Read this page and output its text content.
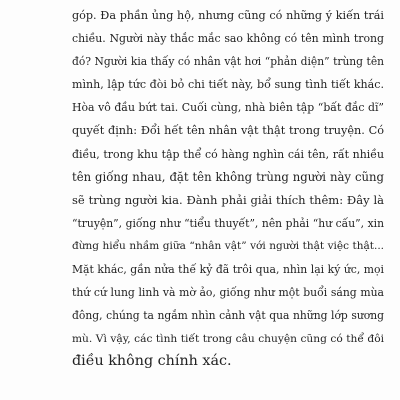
góp. Đa phần ủng hộ, nhưng cũng có những ý kiến trái
chiều. Người này thắc mắc sao không có tên mình trong
đó? Người kia thấy có nhân vật hơi “phản diện” trùng tên
mình, lập tức đòi bỏ chi tiết này, bổ sung tình tiết khác.
Hòa vô đầu bứt tai. Cuối cùng, nhà biên tập “bất đắc dĩ”
quyết định: Đổi hết tên nhân vật thật trong truyện. Có
điều, trong khu tập thể có hàng nghìn cái tên, rất nhiều
tên giống nhau, đặt tên không trùng người này cũng
sẽ trùng người kia. Đành phải giải thích thêm: Đây là
“truyện”, giống như “tiểu thuyết”, nên phải “hư cấu”, xin
đừng hiểu nhầm giữa “nhân vật” với người thật việc thật...
Mặt khác, gần nửa thế kỷ đã trôi qua, nhìn lại ký ức, mọi
thứ cứ lung linh và mờ ảo, giống như một buổi sáng mùa
đông, chúng ta ngắm nhìn cảnh vật qua những lớp sương
mù. Vì vậy, các tình tiết trong câu chuyện cũng có thể đôi
điều không chính xác.
